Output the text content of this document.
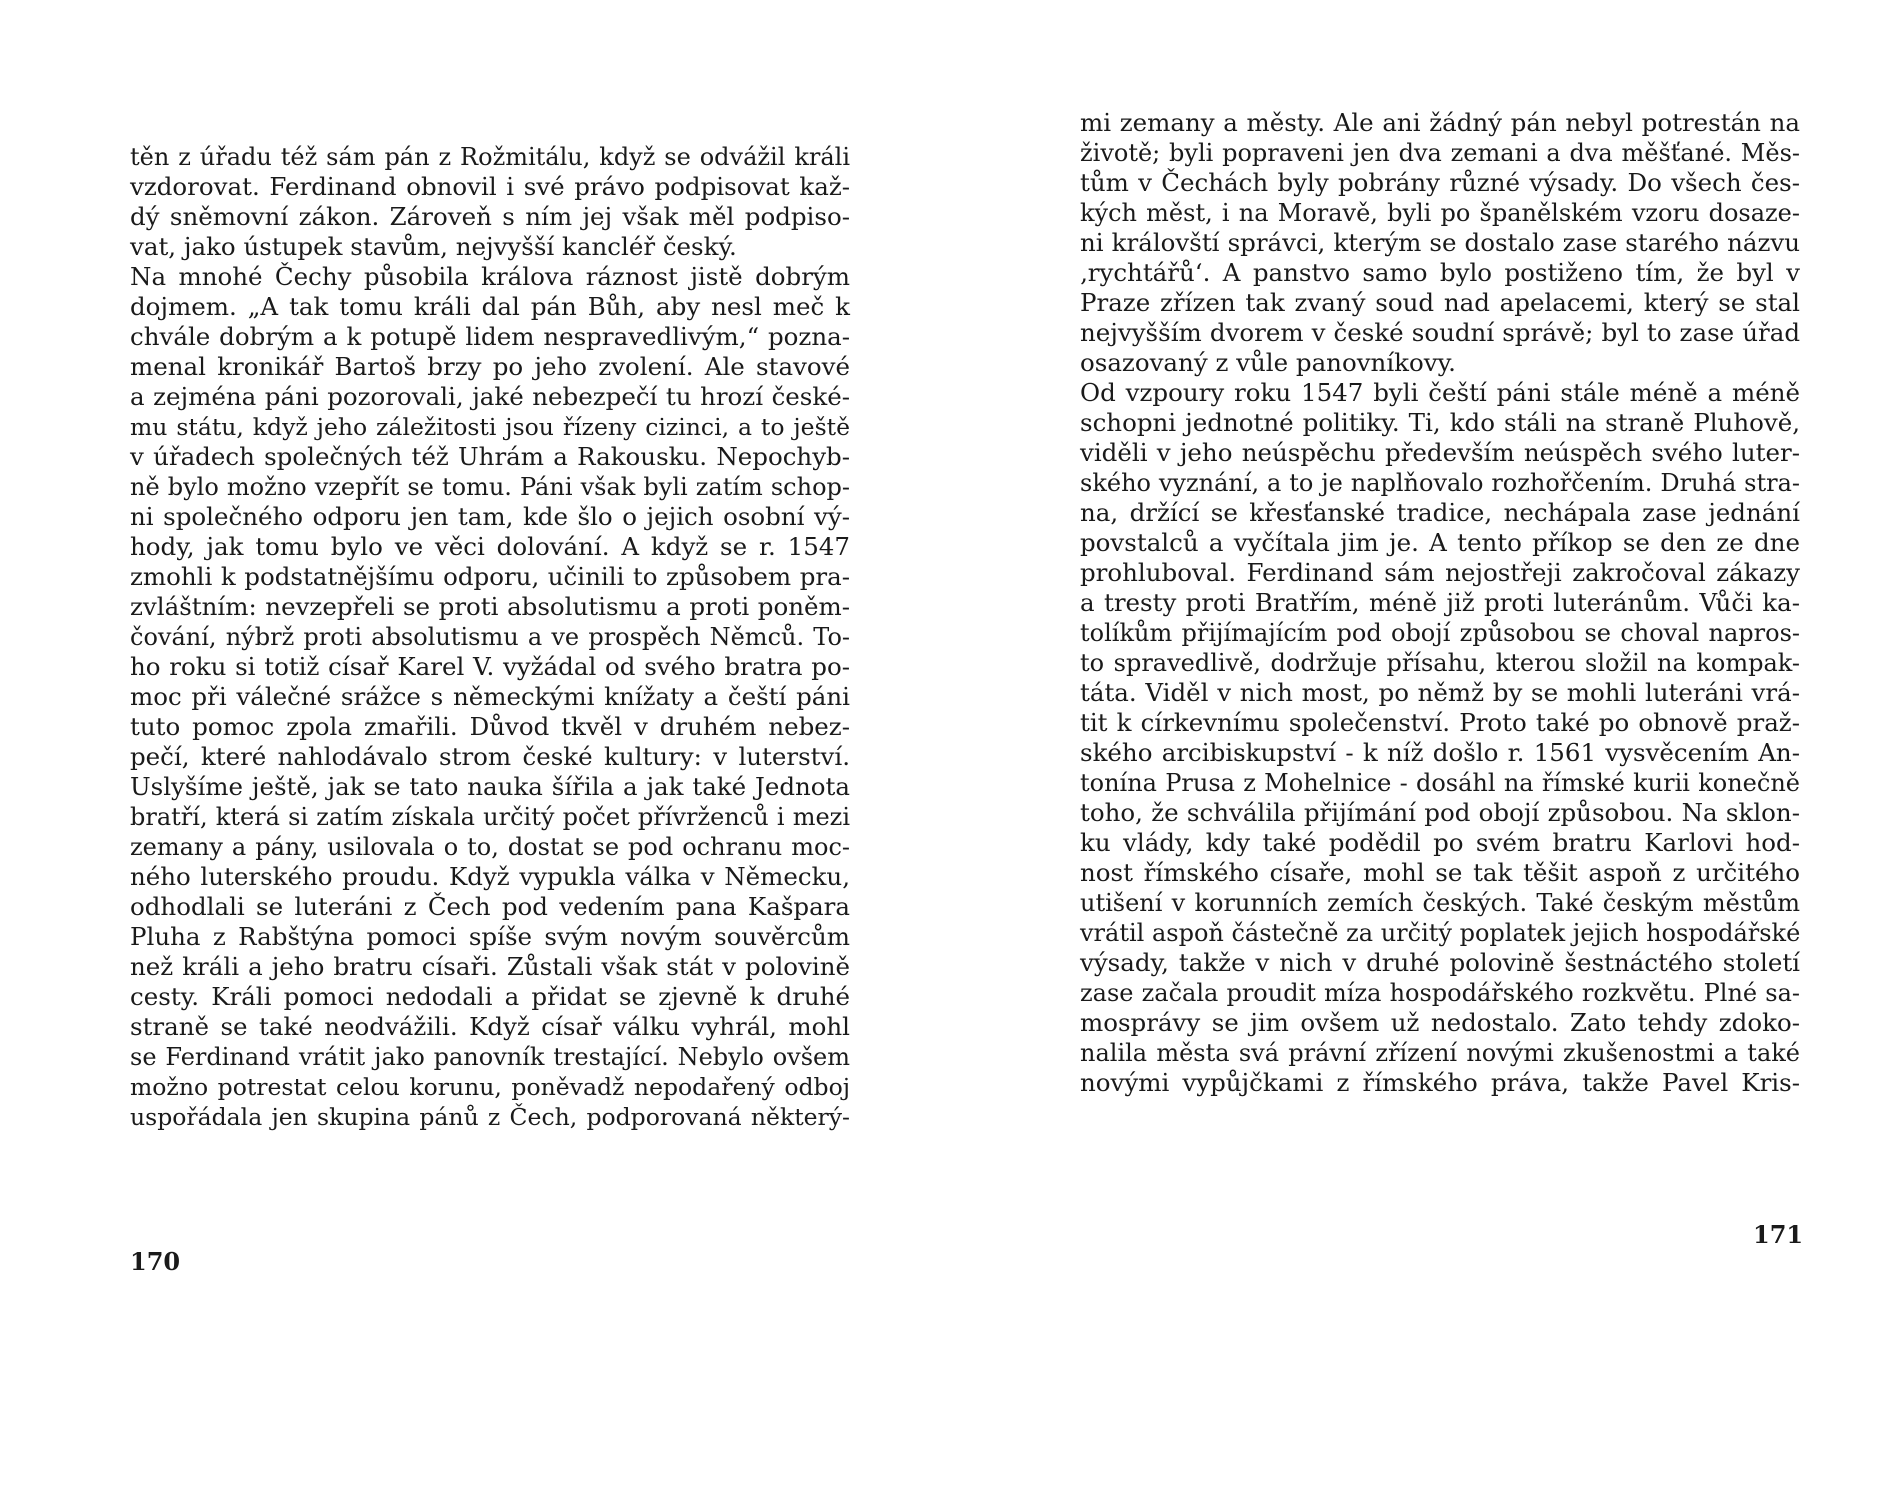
těn z úřadu též sám pán z Rožmitálu, když se odvážil králi
vzdorovat. Ferdinand obnovil i své právo podpisovat kaž-
dý sněmovní zákon. Zároveň s ním jej však měl podpiso-
vat, jako ústupek stavům, nejvyšší kancléř český.
Na mnohé Čechy působila králova ráznost jistě dobrým
dojmem. „A tak tomu králi dal pán Bůh, aby nesl meč k
chvále dobrým a k potupě lidem nespravedlivým,“ pozna-
menal kronikář Bartoš brzy po jeho zvolení. Ale stavové
a zejména páni pozorovali, jaké nebezpečí tu hrozí české-
mu státu, když jeho záležitosti jsou řízeny cizinci, a to ještě
v úřadech společných též Uhrám a Rakousku. Nepochyb-
ně bylo možno vzepřít se tomu. Páni však byli zatím schop-
ni společného odporu jen tam, kde šlo o jejich osobní vý-
hody, jak tomu bylo ve věci dolování. A když se r. 1547
zmohli k podstatnějšímu odporu, učinili to způsobem pra-
zvláštním: nevzepřeli se proti absolutismu a proti poněm-
čování, nýbrž proti absolutismu a ve prospěch Němců. To-
ho roku si totiž císař Karel V. vyžádal od svého bratra po-
moc při válečné srážce s německými knížaty a čeští páni
tuto pomoc zpola zmařili. Důvod tkvěl v druhém nebez-
pečí, které nahlodávalo strom české kultury: v luterství.
Uslyšíme ještě, jak se tato nauka šířila a jak také Jednota
bratří, která si zatím získala určitý počet přívrženců i mezi
zemany a pány, usilovala o to, dostat se pod ochranu moc-
ného luterského proudu. Když vypukla válka v Německu,
odhodlali se luteráni z Čech pod vedením pana Kašpara
Pluha z Rabštýna pomoci spíše svým novým souvěrcům
než králi a jeho bratru císaři. Zůstali však stát v polovině
cesty. Králi pomoci nedodali a přidat se zjevně k druhé
straně se také neodvážili. Když císař válku vyhrál, mohl
se Ferdinand vrátit jako panovník trestající. Nebylo ovšem
možno potrestat celou korunu, poněvadž nepodařený odboj
uspořádala jen skupina pánů z Čech, podporovaná některý-
170
mi zemany a městy. Ale ani žádný pán nebyl potrestán na
životě; byli popraveni jen dva zemani a dva měšťané. Měs-
tům v Čechách byly pobrány různé výsady. Do všech čes-
kých měst, i na Moravě, byli po španělském vzoru dosaze-
ni královští správci, kterým se dostalo zase starého názvu
‚rychtářů‘. A panstvo samo bylo postiženo tím, že byl v
Praze zřízen tak zvaný soud nad apelacemi, který se stal
nejvyšším dvorem v české soudní správě; byl to zase úřad
osazovaný z vůle panovníkovy.
Od vzpoury roku 1547 byli čeští páni stále méně a méně
schopni jednotné politiky. Ti, kdo stáli na straně Pluhově,
viděli v jeho neúspěchu především neúspěch svého luter-
ského vyznání, a to je naplňovalo rozhořčením. Druhá stra-
na, držící se křesťanské tradice, nechápala zase jednání
povstalců a vyčítala jim je. A tento příkop se den ze dne
prohluboval. Ferdinand sám nejostřeji zakročoval zákazy
a tresty proti Bratřím, méně již proti luteránům. Vůči ka-
tolíkům přijímajícím pod obojí způsobou se choval napros-
to spravedlivě, dodržuje přísahu, kterou složil na kompak-
táta. Viděl v nich most, po němž by se mohli luteráni vrá-
tit k církevnímu společenství. Proto také po obnově praž-
ského arcibiskupství - k níž došlo r. 1561 vysvěcením An-
tonína Prusa z Mohelnice - dosáhl na římské kurii konečně
toho, že schválila přijímání pod obojí způsobou. Na sklon-
ku vlády, kdy také podědil po svém bratru Karlovi hod-
nost římského císaře, mohl se tak těšit aspoň z určitého
utišení v korunních zemích českých. Také českým městům
vrátil aspoň částečně za určitý poplatek jejich hospodářské
výsady, takže v nich v druhé polovině šestnáctého století
zase začala proudit míza hospodářského rozkvětu. Plné sa-
mosprávy se jim ovšem už nedostalo. Zato tehdy zdoko-
nalila města svá právní zřízení novými zkušenostmi a také
novými vypůjčkami z římského práva, takže Pavel Kris-
171
